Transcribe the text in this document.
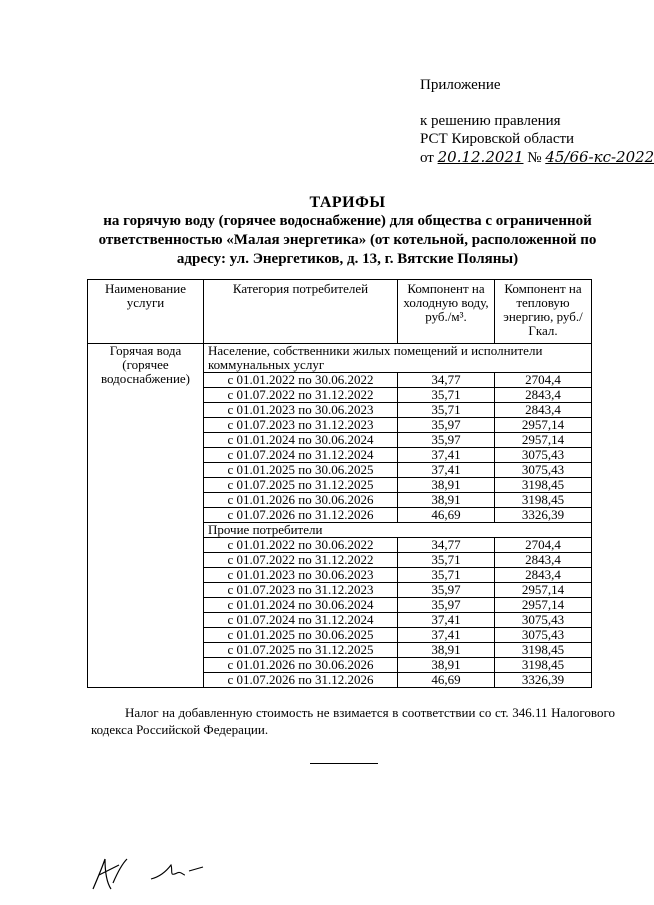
Приложение
к решению правления
РСТ Кировской области
от 20.12.2021 № 45/66-кс-2022
ТАРИФЫ
на горячую воду (горячее водоснабжение) для общества с ограниченной ответственностью «Малая энергетика» (от котельной, расположенной по адресу: ул. Энергетиков, д. 13, г. Вятские Поляны)
Наименование услуги	Категория потребителей	Компонент на холодную воду, руб./м³.	Компонент на тепловую энергию, руб./Гкал.
Горячая вода (горячее водоснабжение)	Население, собственники жилых помещений и исполнители коммунальных услуг		
	с 01.01.2022 по 30.06.2022	34,77	2704,4
	с 01.07.2022 по 31.12.2022	35,71	2843,4
	с 01.01.2023 по 30.06.2023	35,71	2843,4
	с 01.07.2023 по 31.12.2023	35,97	2957,14
	с 01.01.2024 по 30.06.2024	35,97	2957,14
	с 01.07.2024 по 31.12.2024	37,41	3075,43
	с 01.01.2025 по 30.06.2025	37,41	3075,43
	с 01.07.2025 по 31.12.2025	38,91	3198,45
	с 01.01.2026 по 30.06.2026	38,91	3198,45
	с 01.07.2026 по 31.12.2026	46,69	3326,39
	Прочие потребители		
	с 01.01.2022 по 30.06.2022	34,77	2704,4
	с 01.07.2022 по 31.12.2022	35,71	2843,4
	с 01.01.2023 по 30.06.2023	35,71	2843,4
	с 01.07.2023 по 31.12.2023	35,97	2957,14
	с 01.01.2024 по 30.06.2024	35,97	2957,14
	с 01.07.2024 по 31.12.2024	37,41	3075,43
	с 01.01.2025 по 30.06.2025	37,41	3075,43
	с 01.07.2025 по 31.12.2025	38,91	3198,45
	с 01.01.2026 по 30.06.2026	38,91	3198,45
	с 01.07.2026 по 31.12.2026	46,69	3326,39
Налог на добавленную стоимость не взимается в соответствии со ст. 346.11 Налогового кодекса Российской Федерации.
